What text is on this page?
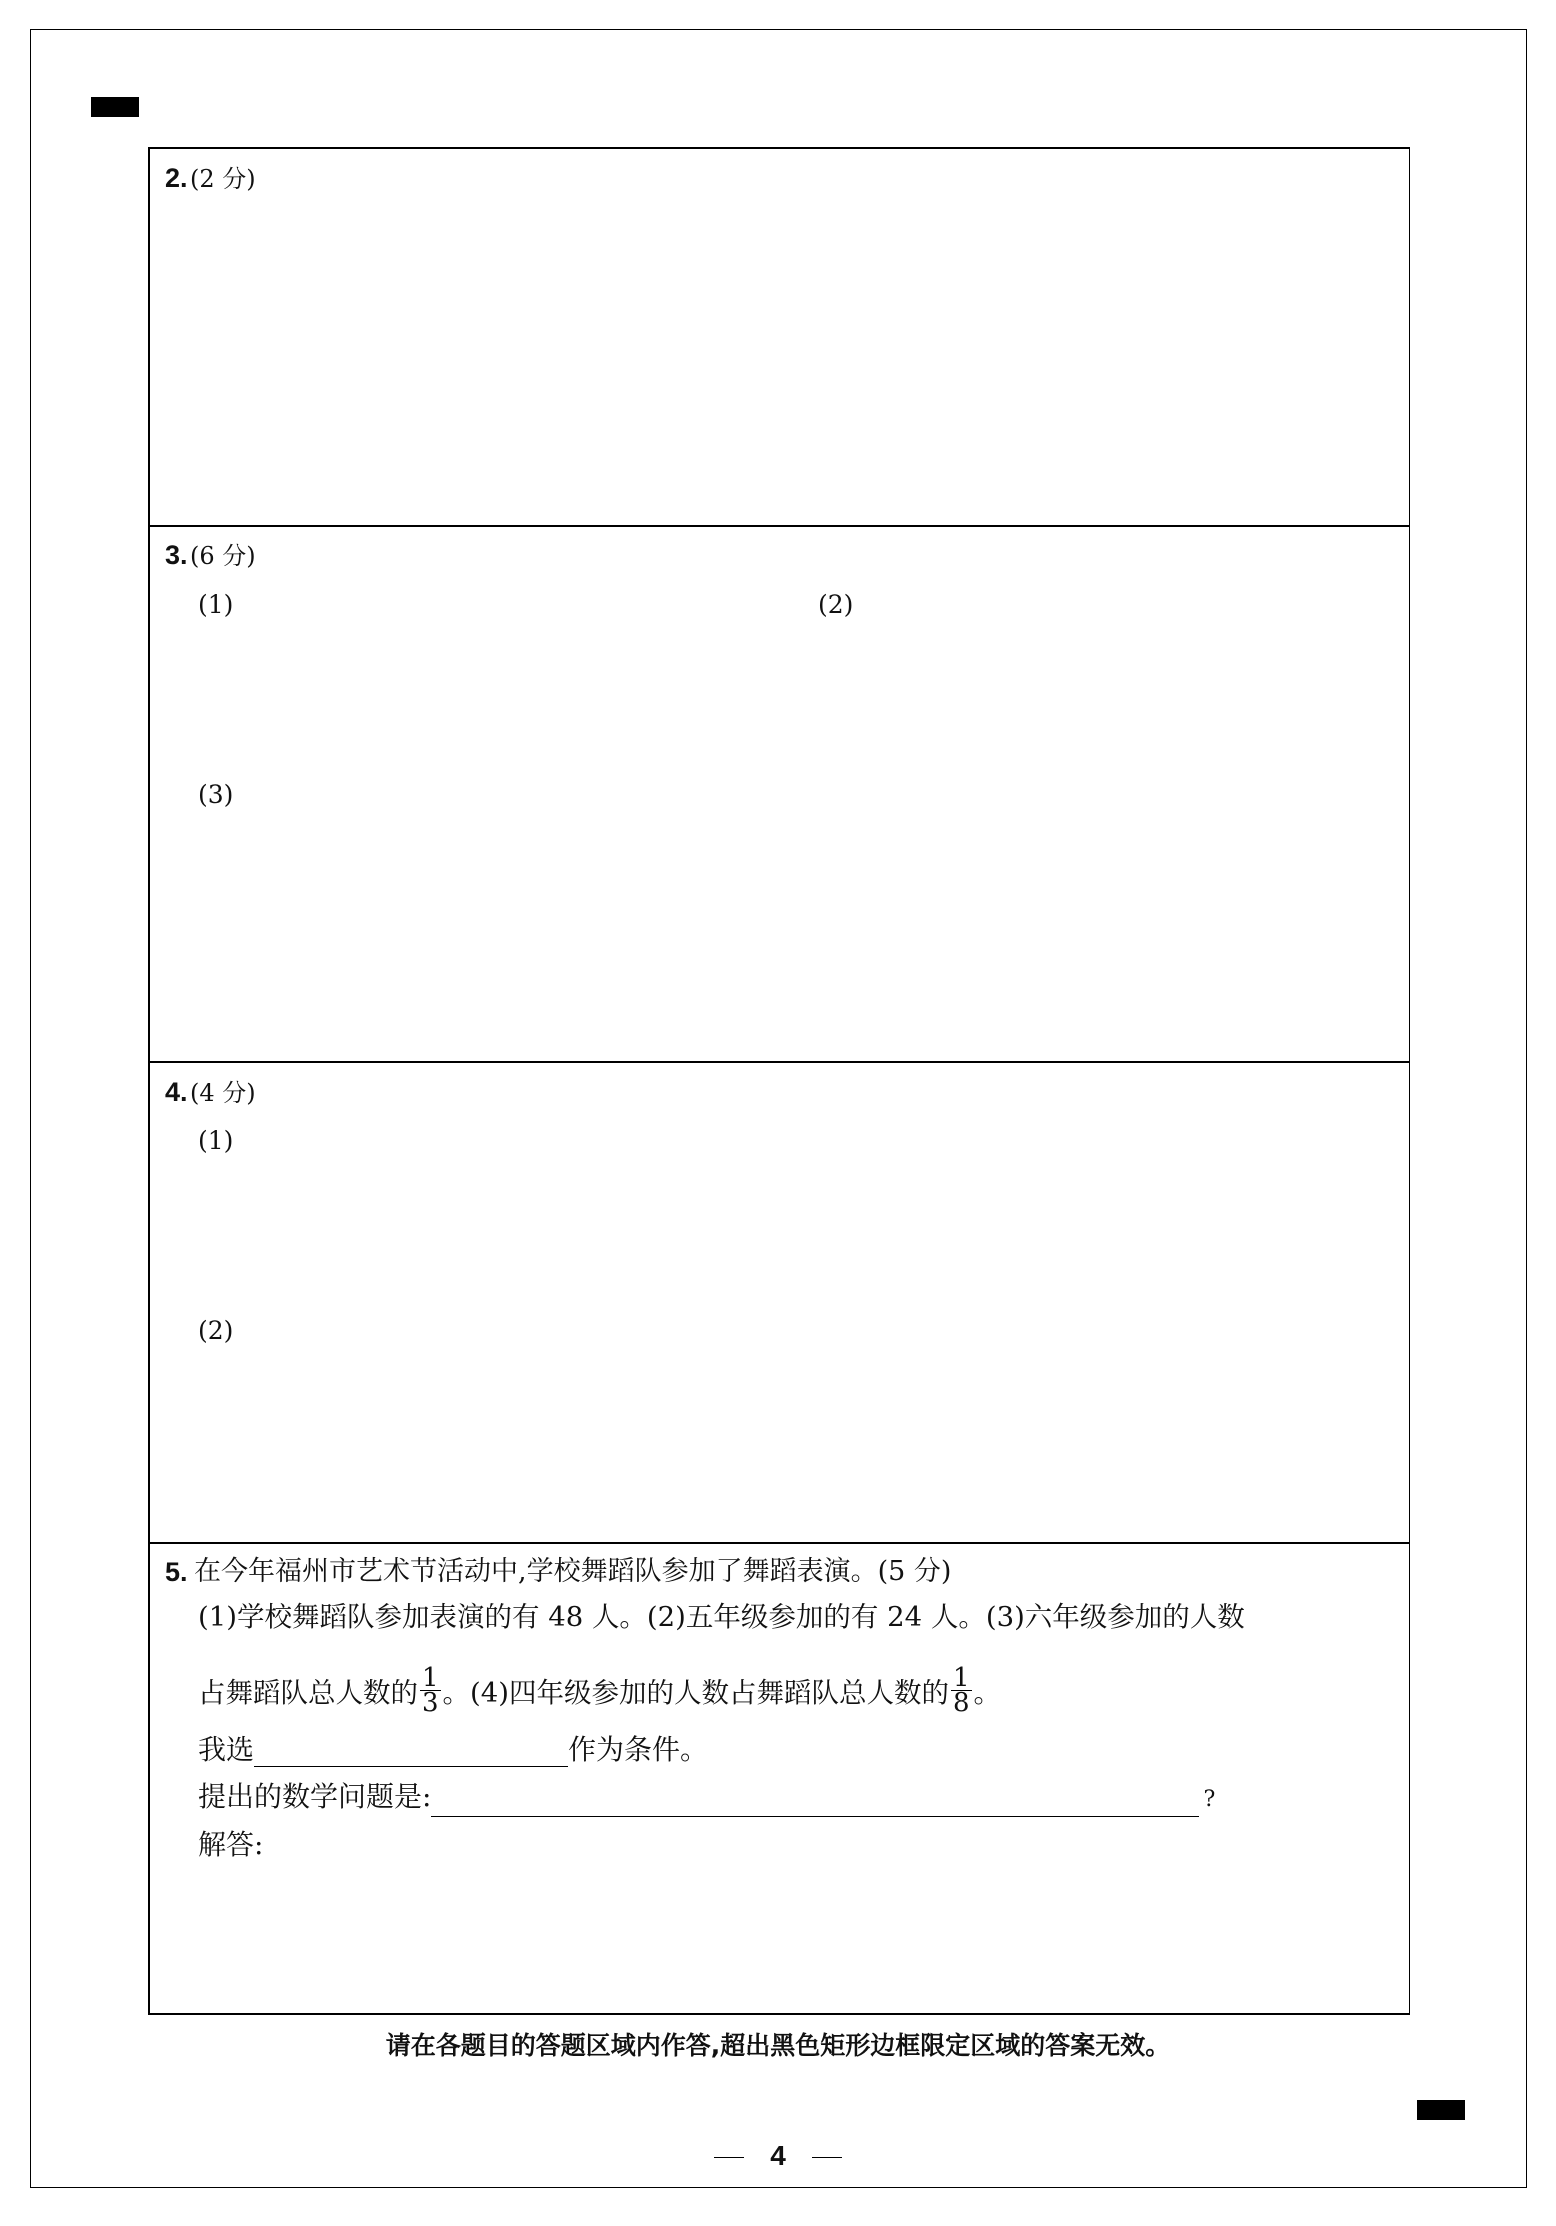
2. (2 分)
3. (6 分)
(1)	(2)
(3)
4. (4 分)
(1)
(2)
5. 在今年福州市艺术节活动中,学校舞蹈队参加了舞蹈表演。(5 分)
(1)学校舞蹈队参加表演的有 48 人。(2)五年级参加的有 24 人。(3)六年级参加的人数
占舞蹈队总人数的 $\frac{1}{3}$ 。(4)四年级参加的人数占舞蹈队总人数的 $\frac{1}{8}$ 。
我选	作为条件。
提出的数学问题是:	?
解答:
请在各题目的答题区域内作答,超出黑色矩形边框限定区域的答案无效。
4
